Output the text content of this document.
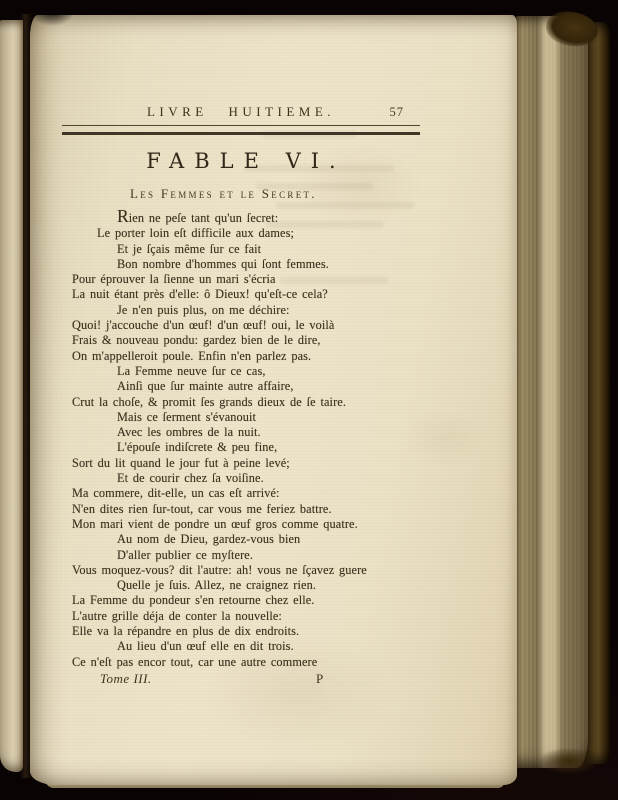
LIVRE HUITIEME.	57
FABLE VI.
Les Femmes et le Secret.
Rien ne peſe tant qu'un ſecret:
Le porter loin eſt difficile aux dames;
Et je ſçais même ſur ce fait
Bon nombre d'hommes qui ſont femmes.
Pour éprouver la ſienne un mari s'écria
La nuit étant près d'elle: ô Dieux! qu'eſt-ce cela?
Je n'en puis plus, on me déchire:
Quoi! j'accouche d'un œuf! d'un œuf! oui, le voilà
Frais & nouveau pondu: gardez bien de le dire,
On m'appelleroit poule. Enfin n'en parlez pas.
La Femme neuve ſur ce cas,
Ainſi que ſur mainte autre affaire,
Crut la choſe, & promit ſes grands dieux de ſe taire.
Mais ce ſerment s'évanouit
Avec les ombres de la nuit.
L'épouſe indiſcrete & peu fine,
Sort du lit quand le jour fut à peine levé;
Et de courir chez ſa voiſine.
Ma commere, dit-elle, un cas eſt arrivé:
N'en dites rien ſur-tout, car vous me feriez battre.
Mon mari vient de pondre un œuf gros comme quatre.
Au nom de Dieu, gardez-vous bien
D'aller publier ce myſtere.
Vous moquez-vous? dit l'autre: ah! vous ne ſçavez guere
Quelle je ſuis. Allez, ne craignez rien.
La Femme du pondeur s'en retourne chez elle.
L'autre grille déja de conter la nouvelle:
Elle va la répandre en plus de dix endroits.
Au lieu d'un œuf elle en dit trois.
Ce n'eſt pas encor tout, car une autre commere
Tome III.	P
